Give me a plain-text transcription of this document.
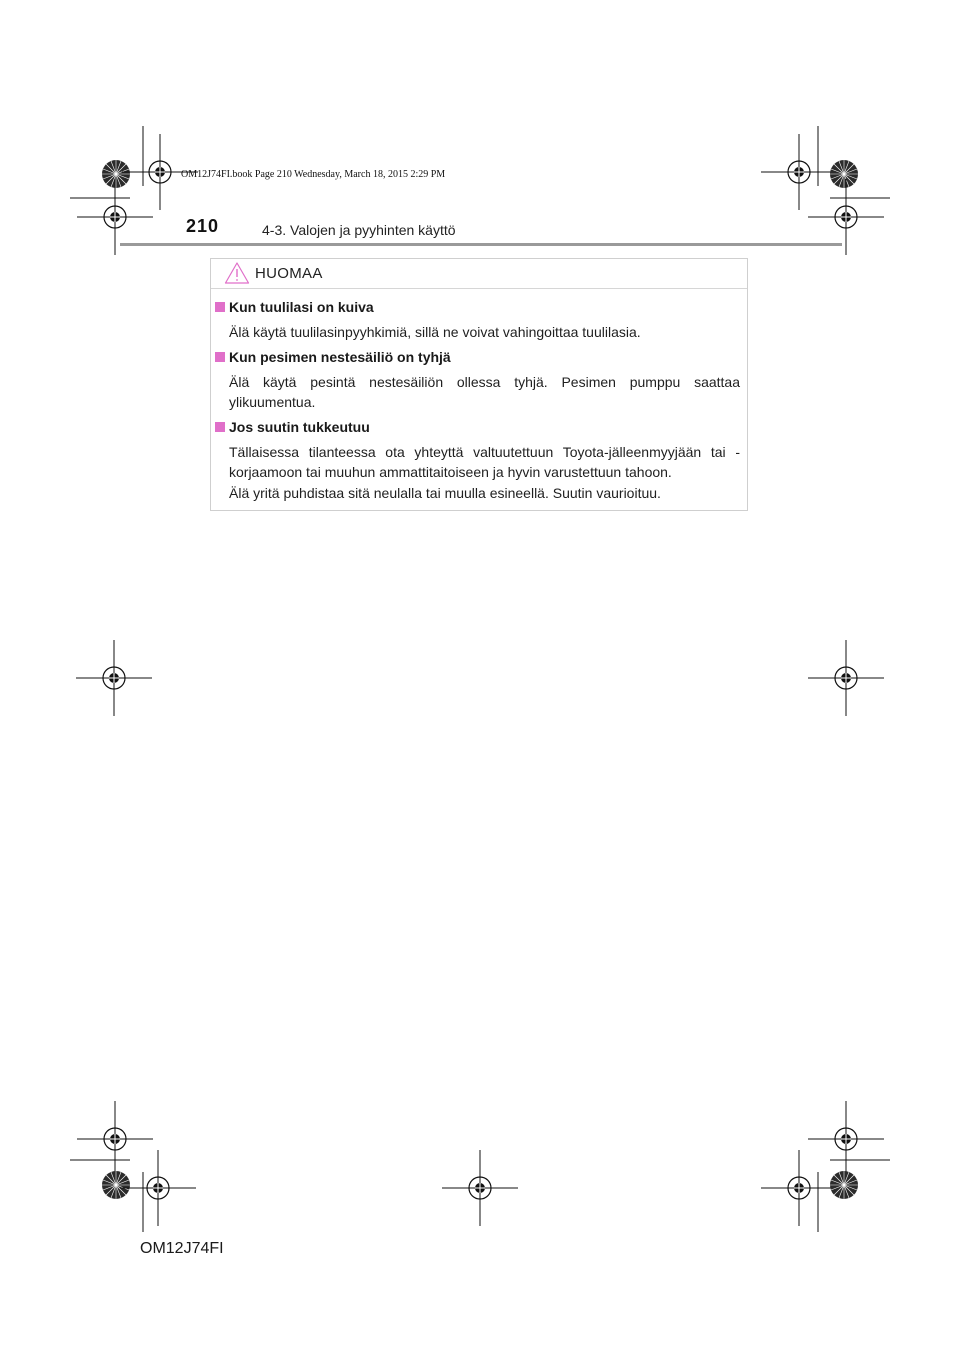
OM12J74FI.book Page 210 Wednesday, March 18, 2015 2:29 PM
210	4-3. Valojen ja pyyhinten käyttö
HUOMAA
Kun tuulilasi on kuiva

Älä käytä tuulilasinpyyhkimiä, sillä ne voivat vahingoittaa tuulilasia.

Kun pesimen nestesäiliö on tyhjä

Älä käytä pesintä nestesäiliön ollessa tyhjä. Pesimen pumppu saattaa ylikuumentua.

Jos suutin tukkeutuu

Tällaisessa tilanteessa ota yhteyttä valtuutettuun Toyota-jälleenmyyjään tai -korjaamoon tai muuhun ammattitaitoiseen ja hyvin varustettuun tahoon.

Älä yritä puhdistaa sitä neulalla tai muulla esineellä. Suutin vaurioituu.

OM12J74FI
